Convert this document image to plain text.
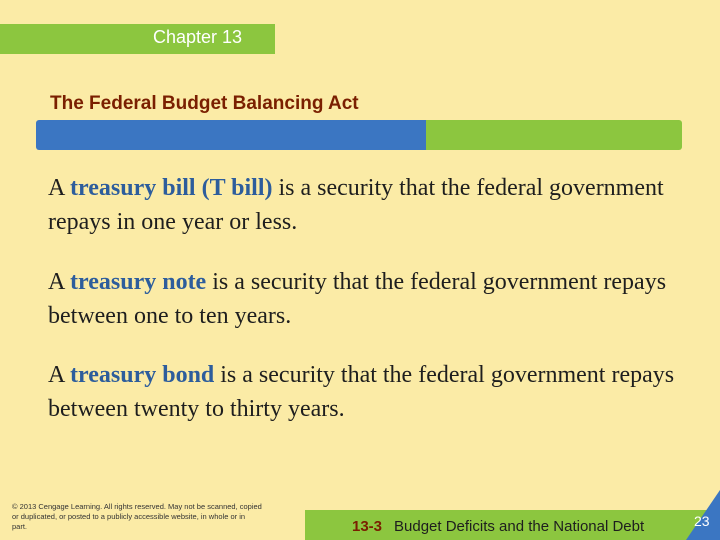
Chapter 13
The Federal Budget Balancing Act

A treasury bill (T bill) is a security that the federal government repays in one year or less.

A treasury note is a security that the federal government repays between one to ten years.

A treasury bond is a security that the federal government repays between twenty to thirty years.

© 2013 Cengage Learning. All rights reserved. May not be scanned, copied or duplicated, or posted to a publicly accessible website, in whole or in part.	13-3 Budget Deficits and the National Debt	23
